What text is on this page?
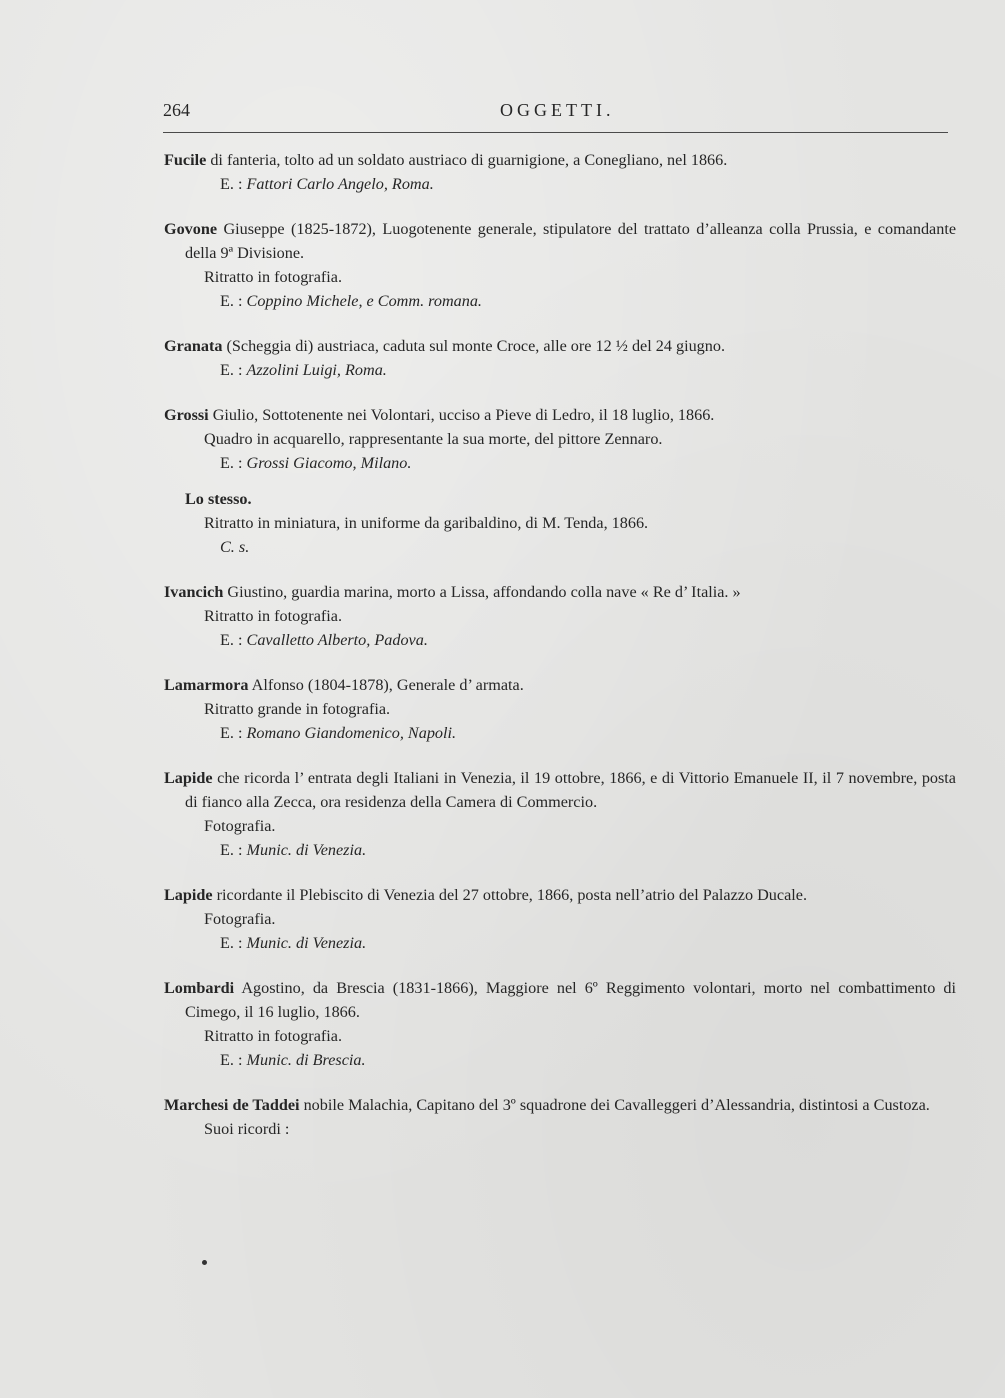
264	OGGETTI.
Fucile di fanteria, tolto ad un soldato austriaco di guarnigione, a Conegliano, nel 1866.
E. : Fattori Carlo Angelo, Roma.
Govone Giuseppe (1825-1872), Luogotenente generale, stipulatore del trattato d’alleanza colla Prussia, e comandante della 9ª Divisione.
Ritratto in fotografia.
E. : Coppino Michele, e Comm. romana.
Granata (Scheggia di) austriaca, caduta sul monte Croce, alle ore 12 ½ del 24 giugno.
E. : Azzolini Luigi, Roma.
Grossi Giulio, Sottotenente nei Volontari, ucciso a Pieve di Ledro, il 18 luglio, 1866.
Quadro in acquarello, rappresentante la sua morte, del pittore Zennaro.
E. : Grossi Giacomo, Milano.
Lo stesso.
Ritratto in miniatura, in uniforme da garibaldino, di M. Tenda, 1866.
C. s.
Ivancich Giustino, guardia marina, morto a Lissa, affondando colla nave « Re d’ Italia. »
Ritratto in fotografia.
E. : Cavalletto Alberto, Padova.
Lamarmora Alfonso (1804-1878), Generale d’ armata.
Ritratto grande in fotografia.
E. : Romano Giandomenico, Napoli.
Lapide che ricorda l’ entrata degli Italiani in Venezia, il 19 ottobre, 1866, e di Vittorio Emanuele II, il 7 novembre, posta di fianco alla Zecca, ora residenza della Camera di Commercio.
Fotografia.
E. : Munic. di Venezia.
Lapide ricordante il Plebiscito di Venezia del 27 ottobre, 1866, posta nell’atrio del Palazzo Ducale.
Fotografia.
E. : Munic. di Venezia.
Lombardi Agostino, da Brescia (1831-1866), Maggiore nel 6º Reggimento volontari, morto nel combattimento di Cimego, il 16 luglio, 1866.
Ritratto in fotografia.
E. : Munic. di Brescia.
Marchesi de Taddei nobile Malachia, Capitano del 3º squadrone dei Cavalleggeri d’Alessandria, distintosi a Custoza.
Suoi ricordi :
